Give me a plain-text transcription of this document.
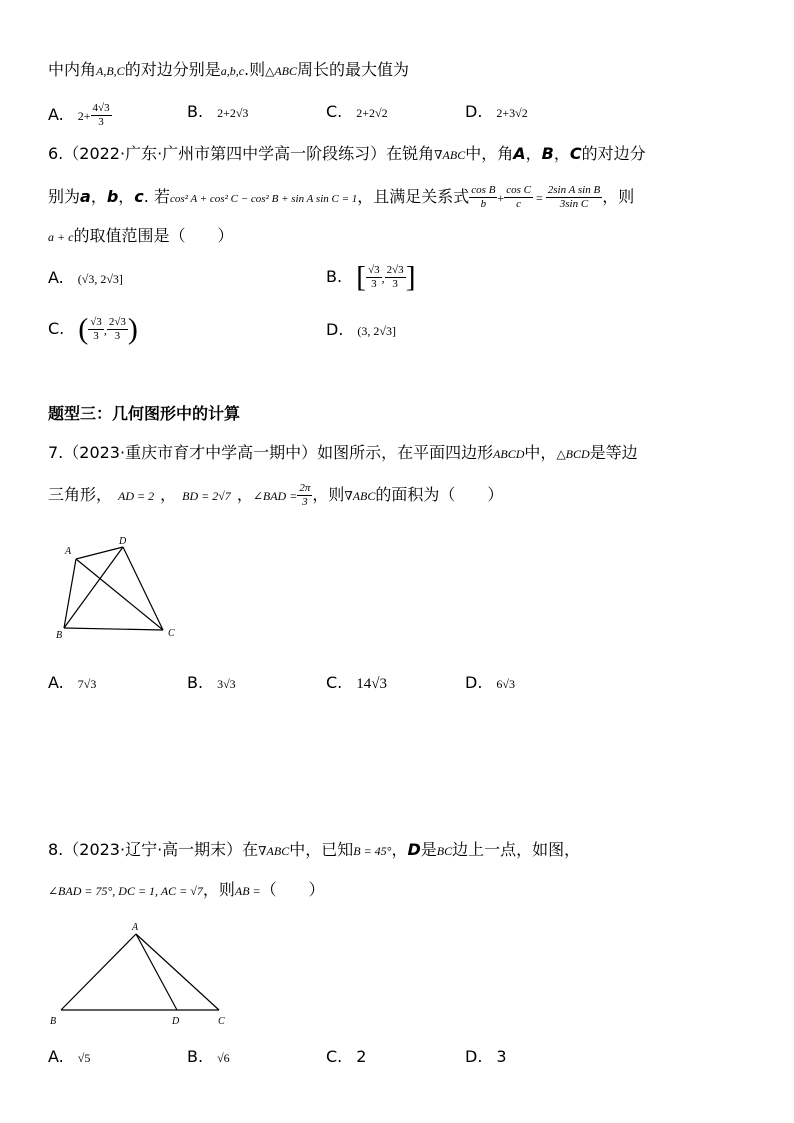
中内角A,B,C的对边分别是a,b,c.则△ABC周长的最大值为
A. $2+ \frac{4√3}{3}$	B. 2+2√3	C. 2+2√2	D. 2+3√2
6.（2022·广东·广州市第四中学高一阶段练习）在锐角∇ABC中，角A，B，C的对边分
别为a，b，c. 若cos² A + cos² C − cos² B + sin A sin C = 1，且满足关系式 $\frac{\text{cos B}}{b} + \frac{\text{cos C}}{c} = \frac{\text{2sin A sin B}}{\text{3sin C}}$ ，则
a + c的取值范围是（　　）
A. (√3, 2√3]	B. [ $\frac{√3}{3}$ , $\frac{2√3}{3}$ ]
C. ( $\frac{√3}{3}$ , $\frac{2√3}{3}$ )	D. (3, 2√3]
题型三：几何图形中的计算
7.（2023·重庆市育才中学高一期中）如图所示，在平面四边形ABCD中，△BCD是等边
三角形， AD = 2 ， BD = 2√7 ，∠BAD = $\frac{2\pi}{3}$ ，则∇ABC的面积为（　　）
A
D
B	C
A. 7√3	B. 3√3	C. 14√3	D. 6√3
8.（2023·辽宁·高一期末）在∇ABC中，已知B = 45°，D是BC边上一点，如图，
∠BAD = 75°, DC = 1, AC = √7，则AB =（　　）
A
B	D	C
A. √5	B. √6	C. 2	D. 3
